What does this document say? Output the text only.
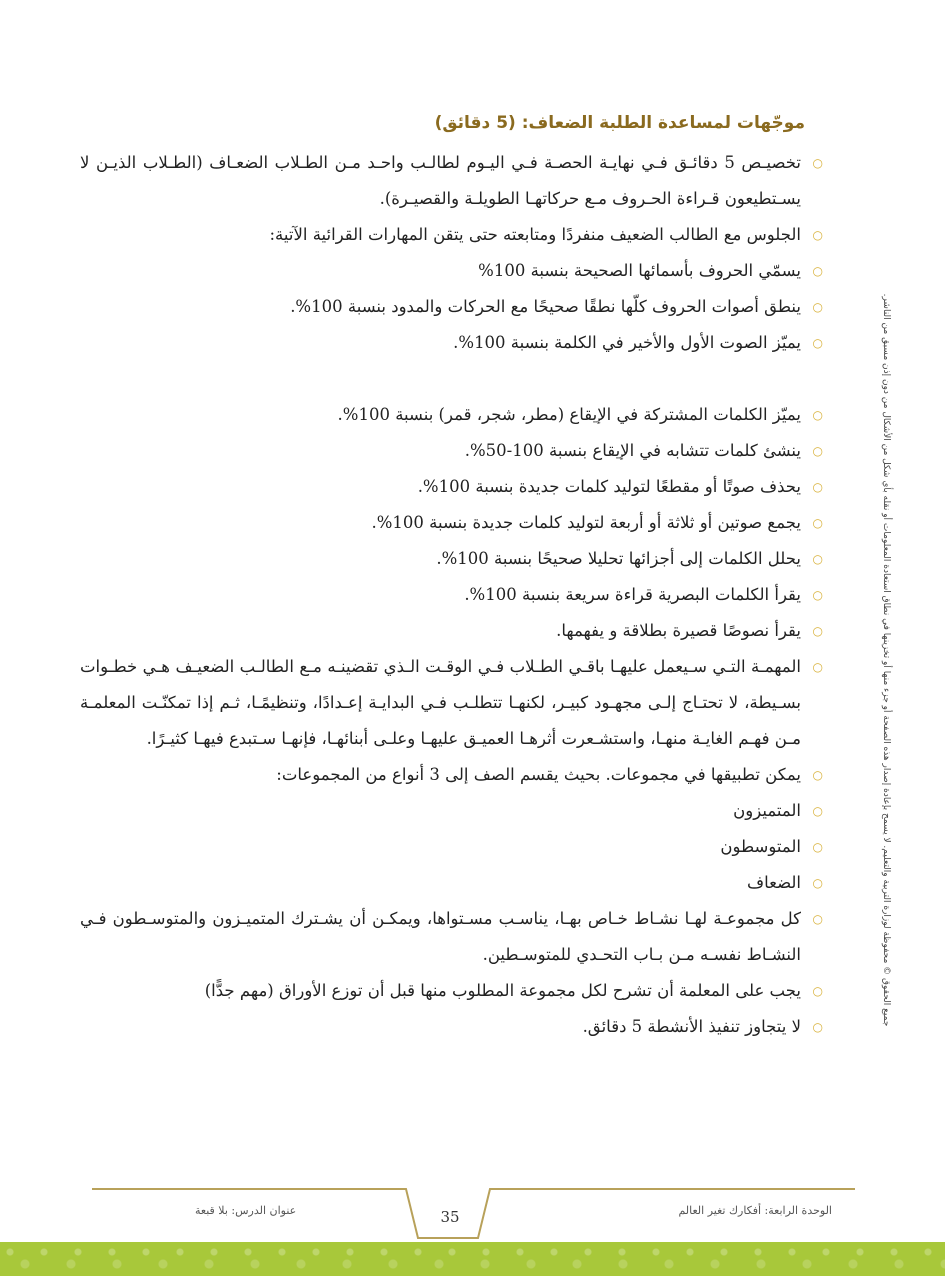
موجّهات لمساعدة الطلبة الضعاف: (5 دقائق)

○
تخصيـص 5 دقائـق فـي نهايـة الحصـة فـي اليـوم لطالـب واحـد مـن الطـلاب الضعـاف (الطـلاب الذيـن لا يسـتطيعون قـراءة الحـروف مـع حركاتهـا الطويلـة والقصيـرة).

○
الجلوس مع الطالب الضعيف منفردًا ومتابعته حتى يتقن المهارات القرائية الآتية:

○
يسمّي الحروف بأسمائها الصحيحة بنسبة 100%

○
ينطق أصوات الحروف كلّها نطقًا صحيحًا مع الحركات والمدود بنسبة 100%.

○
يميّز الصوت الأول والأخير في الكلمة بنسبة 100%.

○
يميّز الكلمات المشتركة في الإيقاع (مطر، شجر، قمر) بنسبة 100%.

○
ينشئ كلمات تتشابه في الإيقاع بنسبة 100-50%.

○
يحذف صوتًا أو مقطعًا لتوليد كلمات جديدة بنسبة 100%.

○
يجمع صوتين أو ثلاثة أو أربعة لتوليد كلمات جديدة بنسبة 100%.

○
يحلل الكلمات إلى أجزائها تحليلا صحيحًا بنسبة 100%.

○
يقرأ الكلمات البصرية قراءة سريعة بنسبة 100%.

○
يقرأ نصوصًا قصيرة بطلاقة و يفهمها.

○
المهمـة التـي سـيعمل عليهـا باقـي الطـلاب فـي الوقـت الـذي تقضينـه مـع الطالـب الضعيـف هـي خطـوات بسـيطة، لا تحتـاج إلـى مجهـود كبيـر، لكنهـا تتطلـب فـي البدايـة إعـدادًا، وتنظيمًـا، ثـم إذا تمكنّـت المعلمـة مـن فهـم الغايـة منهـا، واستشـعرت أثرهـا العميـق عليهـا وعلـى أبنائهـا، فإنهـا سـتبدع فيهـا كثيـرًا.

○
يمكن تطبيقها في مجموعات. بحيث يقسم الصف إلى 3 أنواع من المجموعات:

○
المتميزون

○
المتوسطون

○
الضعاف

○
كل مجموعـة لهـا نشـاط خـاص بهـا، يناسـب مسـتواها، ويمكـن أن يشـترك المتميـزون والمتوسـطون فـي النشـاط نفسـه مـن بـاب التحـدي للمتوسـطين.

○
يجب على المعلمة أن تشرح لكل مجموعة المطلوب منها قبل أن توزع الأوراق (مهم جدًّا)

○
لا يتجاوز تنفيذ الأنشطة 5 دقائق.

جميع الحقوق © محفوظة لوزارة التربية والتعليم. لا يسمح بإعادة إصدار هذه الصفحة أو جزء منها أو تخزينها في نطاق استعادة المعلومات أو نقله بأي شكل من الأشكال من دون إذن مسبق من الناشر.
الوحدة الرابعة: أفكارك تغير العالم
35
عنوان الدرس: بلا قبعة
